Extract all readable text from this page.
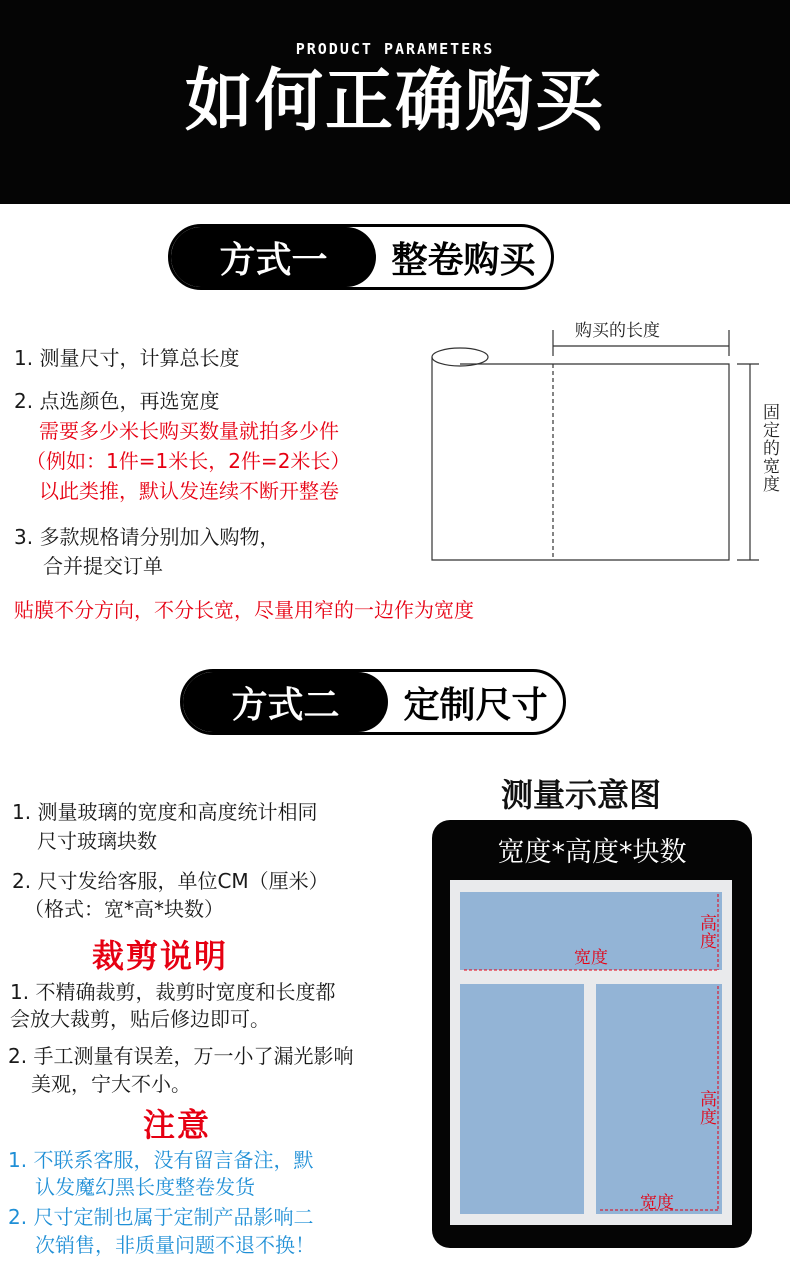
PRODUCT PARAMETERS
如何正确购买
方式一	整卷购买
1. 测量尺寸，计算总长度
2. 点选颜色，再选宽度
需要多少米长购买数量就拍多少件
（例如：1件=1米长，2件=2米长）
以此类推，默认发连续不断开整卷
3. 多款规格请分别加入购物，
合并提交订单
贴膜不分方向，不分长宽，尽量用窄的一边作为宽度
购买的长度
固定的宽度
方式二	定制尺寸
1. 测量玻璃的宽度和高度统计相同
尺寸玻璃块数
2. 尺寸发给客服，单位CM（厘米）
（格式：宽*高*块数）
裁剪说明
1. 不精确裁剪，裁剪时宽度和长度都
会放大裁剪，贴后修边即可。
2. 手工测量有误差，万一小了漏光影响
美观，宁大不小。
注意
1. 不联系客服，没有留言备注，默
认发魔幻黑长度整卷发货
2. 尺寸定制也属于定制产品影响二
次销售，非质量问题不退不换！
测量示意图
宽度*高度*块数
高度
宽度
高度
宽度
